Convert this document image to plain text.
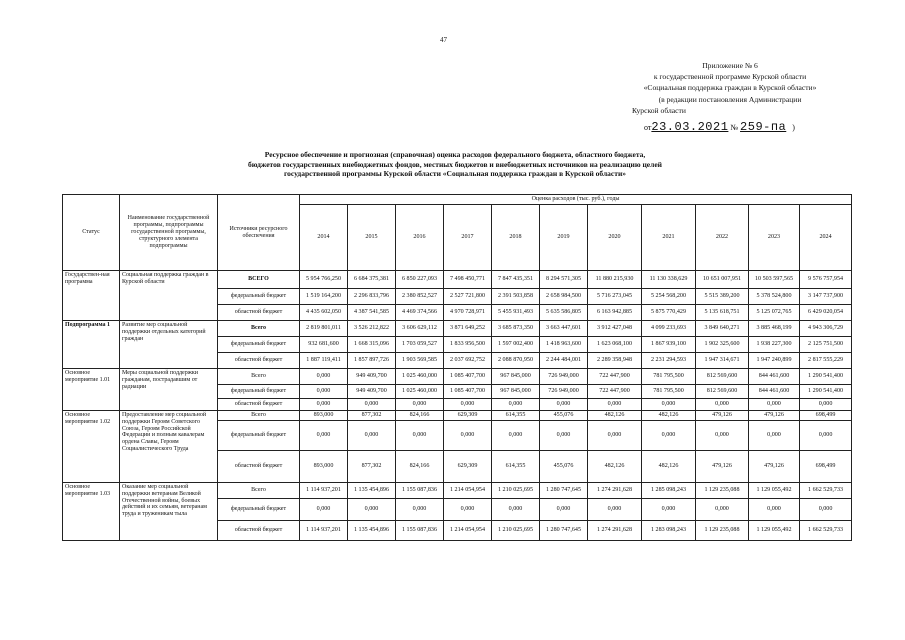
47
Приложение № 6
к государственной программе Курской области
«Социальная поддержка граждан в Курской области»
(в редакции постановления Администрации
Курской области
от23.03.2021 № 259-па )
Ресурсное обеспечение и прогнозная (справочная) оценка расходов федерального бюджета, областного бюджета,
бюджетов государственных внебюджетных фондов, местных бюджетов и внебюджетных источников на реализацию целей
государственной программы Курской области «Социальная поддержка граждан в Курской области»
Статус	Наименование государственной программы, подпрограммы государственной программы, структурного элемента подпрограммы	Источники ресурсного обеспечения	Оценка расходов (тыс. руб.), годы										
			2014	2015	2016	2017	2018	2019	2020	2021	2022	2023	2024
Государствен-ная программа	Социальная поддержка граждан в Курской области	ВСЕГО	5 954 766,250	6 684 375,381	6 850 227,093	7 498 450,771	7 847 435,351	8 294 571,305	11 880 215,930	11 130 338,629	10 651 007,951	10 503 597,565	9 576 757,954
		федеральный бюджет	1 519 164,200	2 296 833,796	2 380 852,527	2 527 721,800	2 391 503,858	2 658 984,500	5 716 273,045	5 254 568,200	5 515 389,200	5 378 524,800	3 147 737,900
		областной бюджет	4 435 602,050	4 387 541,585	4 469 374,566	4 970 728,971	5 455 931,493	5 635 586,805	6 163 942,885	5 875 770,429	5 135 618,751	5 125 072,765	6 429 020,054
Подпрограмма 1	Развитие мер социальной поддержки отдельных категорий граждан	Всего	2 819 801,011	3 526 212,822	3 606 629,112	3 871 649,252	3 685 873,350	3 663 447,601	3 912 427,048	4 099 233,693	3 849 640,271	3 885 468,199	4 943 306,729
		федеральный бюджет	932 681,600	1 668 315,096	1 703 059,527	1 833 956,500	1 597 002,400	1 418 963,600	1 623 068,100	1 867 939,100	1 902 325,600	1 938 227,300	2 125 751,500
		областной бюджет	1 887 119,411	1 857 897,726	1 903 569,585	2 037 692,752	2 088 870,950	2 244 484,001	2 289 358,948	2 231 294,593	1 947 314,671	1 947 240,899	2 817 555,229
Основное мероприятие 1.01	Меры социальной поддержки гражданам, пострадавшим от радиации	Всего	0,000	949 409,700	1 025 460,000	1 085 407,700	967 845,000	726 949,000	722 447,900	781 795,500	812 569,600	844 461,600	1 290 541,400
		федеральный бюджет	0,000	949 409,700	1 025 460,000	1 085 407,700	967 845,000	726 949,000	722 447,900	781 795,500	812 569,600	844 461,600	1 290 541,400
		областной бюджет	0,000	0,000	0,000	0,000	0,000	0,000	0,000	0,000	0,000	0,000	0,000
Основное мероприятие 1.02	Предоставление мер социальной поддержки Героям Советского Союза, Героям Российской Федерации и полным кавалерам ордена Славы, Героям Социалистического Труда	Всего	893,000	877,302	824,166	629,309	614,355	455,076	482,126	482,126	479,126	479,126	698,499
		федеральный бюджет	0,000	0,000	0,000	0,000	0,000	0,000	0,000	0,000	0,000	0,000	0,000
		областной бюджет	893,000	877,302	824,166	629,309	614,355	455,076	482,126	482,126	479,126	479,126	698,499
Основное мероприятие 1.03	Оказание мер социальной поддержки ветеранам Великой Отечественной войны, боевых действий и их семьям, ветеранам труда и труженикам тыла	Всего	1 114 937,201	1 135 454,896	1 155 087,836	1 214 054,954	1 210 025,695	1 280 747,645	1 274 291,628	1 285 098,243	1 129 235,088	1 129 055,492	1 662 529,733
		федеральный бюджет	0,000	0,000	0,000	0,000	0,000	0,000	0,000	0,000	0,000	0,000	0,000
		областной бюджет	1 114 937,201	1 135 454,896	1 155 087,836	1 214 054,954	1 210 025,695	1 280 747,645	1 274 291,628	1 283 098,243	1 129 235,088	1 129 055,492	1 662 529,733
